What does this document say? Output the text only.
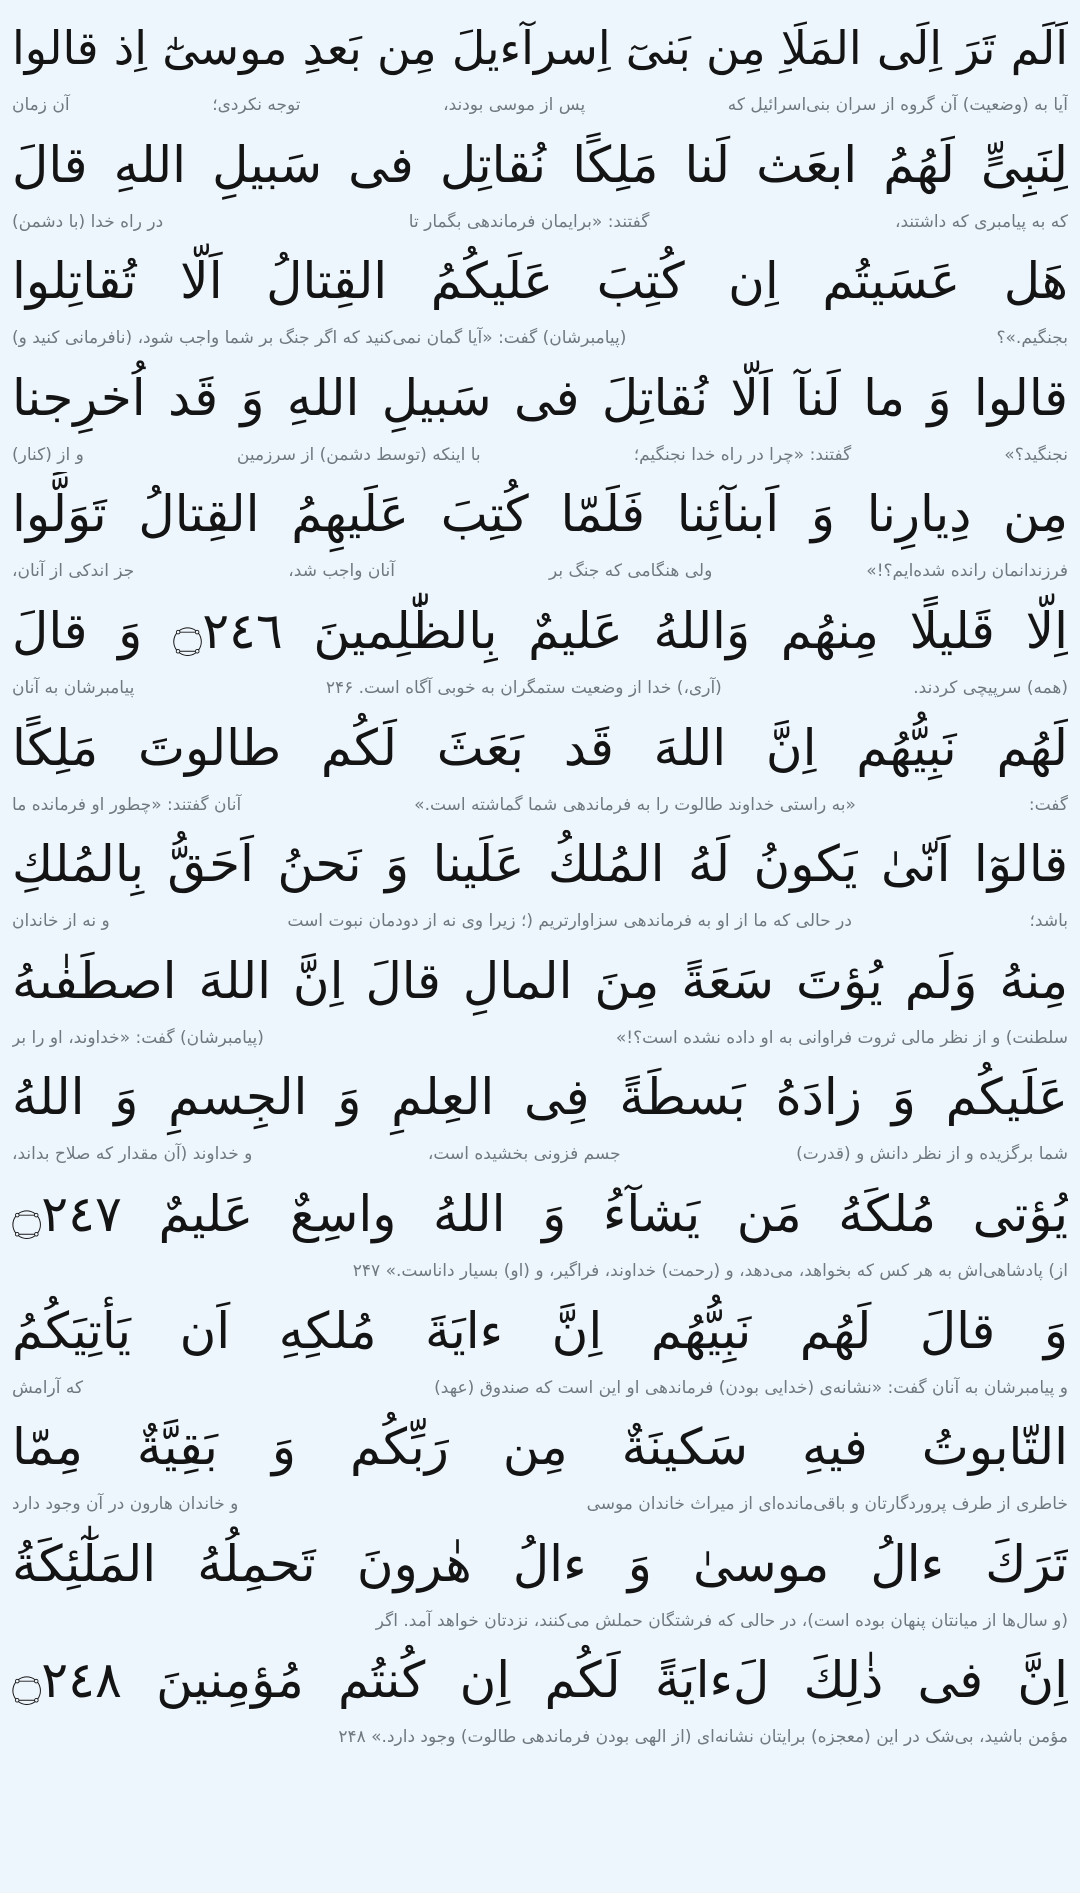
اَلَم تَرَ اِلَی المَلَاِ مِن بَنیٓ اِسرآءیلَ مِن بَعدِ موسیٰٓ اِذ قالوا
آیا به (وضعیت) آن گروه از سران بنی‌اسرائیل که
پس از موسی بودند،
توجه نکردی؛
آن زمان
لِنَبِیٍّ لَهُمُ ابعَث لَنا مَلِكًا نُقاتِل فی سَبیلِ اللهِ قالَ
که به پیامبری که داشتند،
گفتند: «برایمان فرماندهی بگمار تا
در راه خدا (با دشمن)
هَل عَسَیتُم اِن كُتِبَ عَلَیكُمُ القِتالُ اَلّا تُقاتِلوا
بجنگیم.»؟
(پیامبرشان) گفت: «آیا گمان نمی‌کنید که اگر جنگ بر شما واجب شود، (نافرمانی کنید و)
قالوا وَ ما لَنآ اَلّا نُقاتِلَ فی سَبیلِ اللهِ وَ قَد اُخرِجنا
نجنگید؟»
گفتند: «چرا در راه خدا نجنگیم؛
با اینکه (توسط دشمن) از سرزمین
و از (کنار)
مِن دِیارِنا وَ اَبنآئِنا فَلَمّا كُتِبَ عَلَیهِمُ القِتالُ تَوَلَّوا
فرزندانمان رانده شده‌ایم؟!»
ولی هنگامی که جنگ بر
آنان واجب شد،
جز اندکی از آنان،
اِلّا قَلیلًا مِنهُم وَاللهُ عَلیمٌ بِالظّٰلِمینَ ۝٢٤٦ وَ قالَ
(همه) سرپیچی کردند.
(آری،) خدا از وضعیت ستمگران به خوبی آگاه است. ۲۴۶
پیامبرشان به آنان
لَهُم نَبِیُّهُم اِنَّ اللهَ قَد بَعَثَ لَكُم طالوتَ مَلِكًا
گفت:
«به راستی خداوند طالوت را به فرماندهی شما گماشته است.»
آنان گفتند: «چطور او فرمانده ما
قالوٓا اَنّیٰ یَكونُ لَهُ المُلكُ عَلَینا وَ نَحنُ اَحَقُّ بِالمُلكِ
باشد؛
در حالی که ما از او به فرماندهی سزاوارتریم (؛ زیرا وی نه از دودمان نبوت است
و نه از خاندان
مِنهُ وَلَم یُؤتَ سَعَةً مِنَ المالِ قالَ اِنَّ اللهَ اصطَفٰىهُ
سلطنت) و از نظر مالی ثروت فراوانی به او داده نشده است؟!»
(پیامبرشان) گفت: «خداوند، او را بر
عَلَیكُم وَ زادَهُ بَسطَةً فِی العِلمِ وَ الجِسمِ وَ اللهُ
شما برگزیده و از نظر دانش و (قدرت)
جسم فزونی بخشیده است،
و خداوند (آن مقدار که صلاح بداند،
یُؤتی مُلكَهُ مَن یَشآءُ وَ اللهُ واسِعٌ عَلیمٌ ۝٢٤٧
از) پادشاهی‌اش به هر کس که بخواهد، می‌دهد، و (رحمت) خداوند، فراگیر، و (او) بسیار داناست.» ۲۴۷
وَ قالَ لَهُم نَبِیُّهُم اِنَّ ءایَةَ مُلكِهِ اَن یَأتِیَكُمُ
و پیامبرشان به آنان گفت: «نشانه‌ی (خدایی بودن) فرماندهی او این است که صندوق (عهد)
که آرامش
التّابوتُ فیهِ سَكینَةٌ مِن رَبِّكُم وَ بَقِیَّةٌ مِمّا
خاطری از طرف پروردگارتان و باقی‌مانده‌ای از میراث خاندان موسی
و خاندان هارون در آن وجود دارد
تَرَكَ ءالُ موسیٰ وَ ءالُ هٰرونَ تَحمِلُهُ المَلٰٓئِكَةُ
(و سال‌ها از میانتان پنهان بوده است)، در حالی که فرشتگان حملش می‌کنند، نزدتان خواهد آمد. اگر
اِنَّ فی ذٰلِكَ لَءایَةً لَكُم اِن كُنتُم مُؤمِنینَ ۝٢٤٨
مؤمن باشید، بی‌شک در این (معجزه) برایتان نشانه‌ای (از الهی بودن فرماندهی طالوت) وجود دارد.» ۲۴۸
